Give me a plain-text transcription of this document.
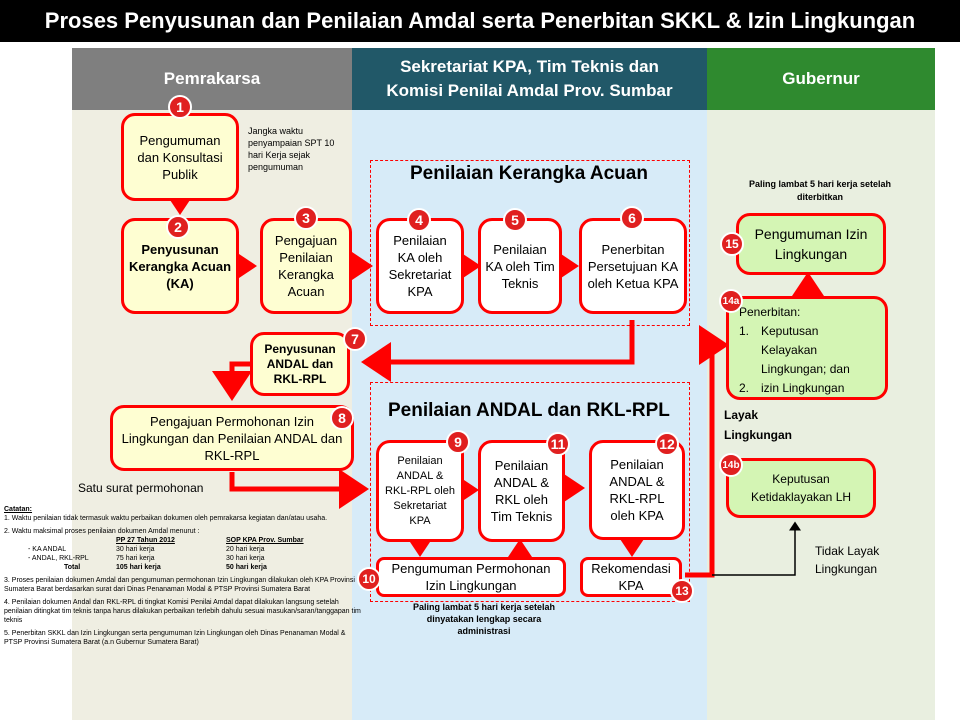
Proses Penyusunan dan Penilaian Amdal serta Penerbitan SKKL & Izin Lingkungan
Pemrakarsa
Sekretariat KPA, Tim Teknis dan
Komisi Penilai Amdal Prov. Sumbar
Gubernur
Penilaian Kerangka Acuan
Penilaian ANDAL dan RKL-RPL
Pengumuman dan Konsultasi Publik
Jangka waktu penyampaian SPT 10 hari Kerja sejak pengumuman
Penyusunan Kerangka Acuan (KA)
Pengajuan Penilaian Kerangka Acuan
Penilaian KA oleh Sekretariat KPA
Penilaian KA oleh Tim Teknis
Penerbitan Persetujuan KA oleh Ketua KPA
Penyusunan ANDAL dan RKL-RPL
Pengajuan Permohonan Izin Lingkungan dan Penilaian ANDAL dan RKL-RPL
Satu surat permohonan
Penilaian ANDAL & RKL-RPL oleh Sekretariat KPA
Penilaian ANDAL & RKL oleh Tim Teknis
Penilaian ANDAL & RKL-RPL oleh KPA
Pengumuman Permohonan Izin Lingkungan
Paling lambat 5 hari kerja setelah dinyatakan lengkap secara administrasi
Rekomendasi KPA
Paling lambat 5 hari kerja setelah diterbitkan
Pengumuman Izin Lingkungan
Penerbitan:
1. Keputusan Kelayakan Lingkungan; dan
2. izin Lingkungan
Layak Lingkungan
Keputusan Ketidaklayakan LH
Tidak Layak Lingkungan
1
2
3	4	5	6
7
8
9	11	12
10
13
15
14a
14b
Catatan:
1. Waktu penilaian tidak termasuk waktu perbaikan dokumen oleh pemrakarsa kegiatan dan/atau usaha.
2. Waktu maksimal proses penilaian dokumen Amdal menurut :
PP 27 Tahun 2012	SOP KPA Prov. Sumbar
- KA ANDAL	30 hari kerja	20 hari kerja
- ANDAL, RKL-RPL	75 hari kerja	30 hari kerja
Total	105 hari kerja	50 hari kerja
3. Proses penilaian dokumen Amdal dan pengumuman permohonan Izin Lingkungan dilakukan oleh KPA Provinsi Sumatera Barat berdasarkan surat dari Dinas Penanaman Modal & PTSP Provinsi Sumatera Barat
4. Penilaian dokumen Andal dan RKL-RPL di tingkat Komisi Penilai Amdal dapat dilakukan langsung setelah penilaian ditingkat tim teknis tanpa harus dilakukan perbaikan terlebih dahulu sesuai masukan/saran/tanggapan tim teknis
5. Penerbitan SKKL dan Izin Lingkungan serta pengumuman Izin Lingkungan oleh Dinas Penanaman Modal & PTSP Provinsi Sumatera Barat (a.n Gubernur Sumatera Barat)
